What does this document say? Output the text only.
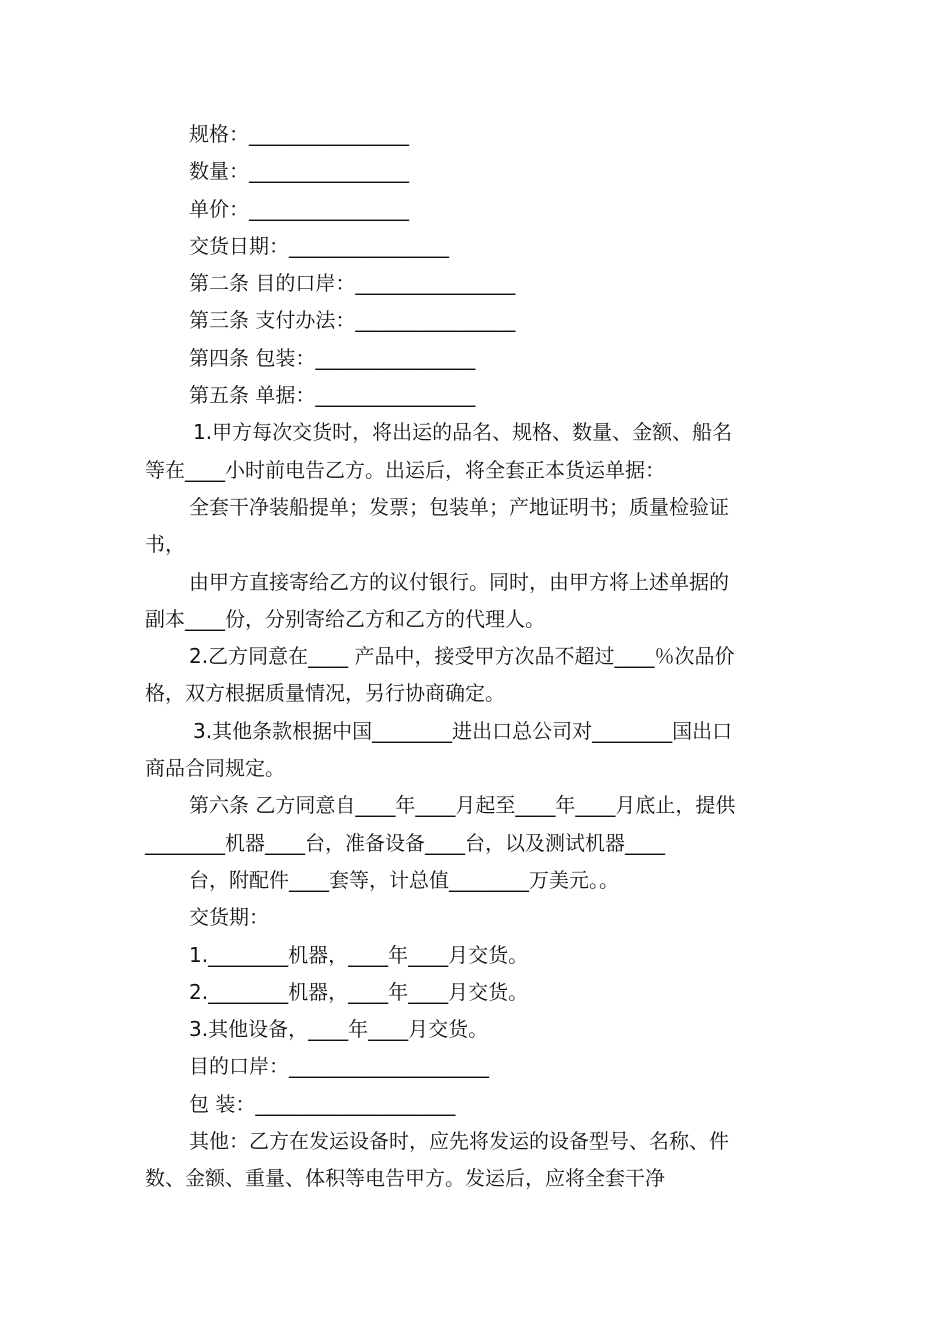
规格：________________
数量：________________
单价：________________
交货日期：________________
第二条 目的口岸：________________
第三条 支付办法：________________
第四条 包装：________________
第五条 单据：________________
1.甲方每次交货时，将出运的品名、规格、数量、金额、船名
等在____小时前电告乙方。出运后，将全套正本货运单据：
全套干净装船提单；发票；包装单；产地证明书；质量检验证
书，
由甲方直接寄给乙方的议付银行。同时，由甲方将上述单据的
副本____份，分别寄给乙方和乙方的代理人。
2.乙方同意在____ 产品中，接受甲方次品不超过____％次品价
格，双方根据质量情况，另行协商确定。
3.其他条款根据中国________进出口总公司对________国出口
商品合同规定。
第六条 乙方同意自____年____月起至____年____月底止，提供
________机器____台，准备设备____台，以及测试机器____
台，附配件____套等，计总值________万美元。。
交货期：
1.________机器，____年____月交货。
2.________机器，____年____月交货。
3.其他设备，____年____月交货。
目的口岸：____________________
包 装：____________________
其他：乙方在发运设备时，应先将发运的设备型号、名称、件
数、金额、重量、体积等电告甲方。发运后，应将全套干净
